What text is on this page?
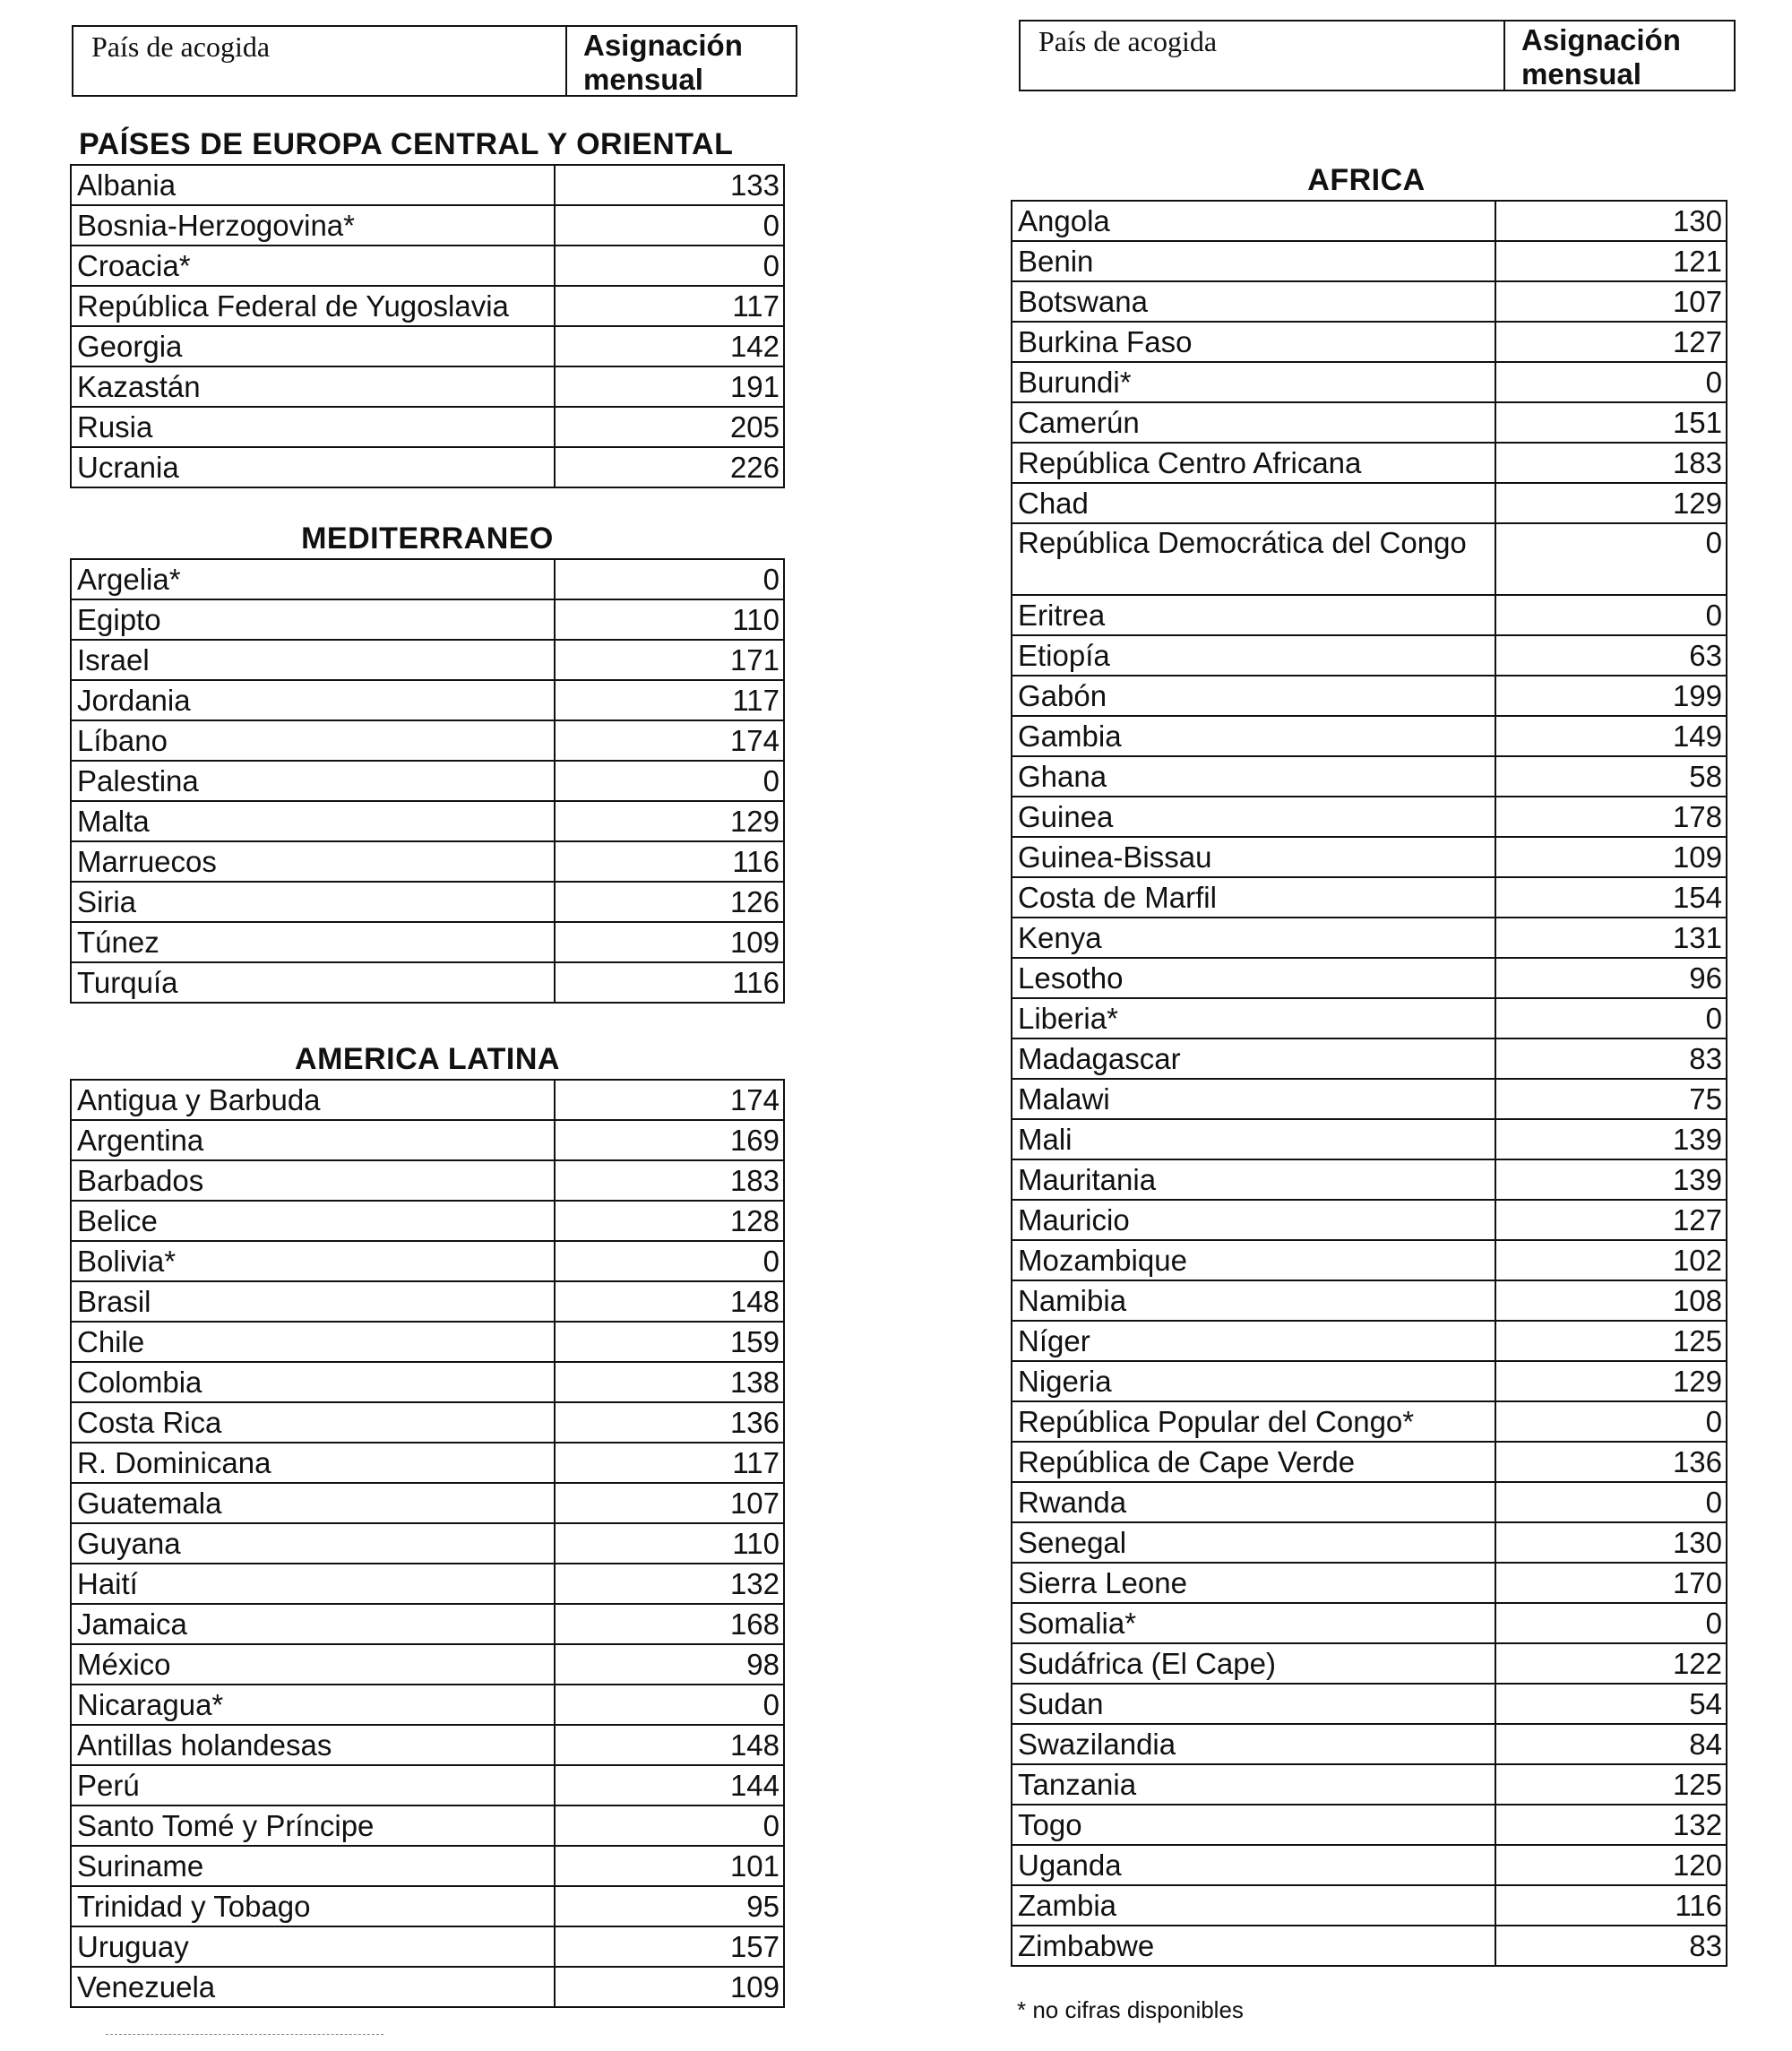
País de acogida	Asignación mensual
PAÍSES DE EUROPA CENTRAL Y ORIENTAL
Albania	133
Bosnia-Herzogovina*	0
Croacia*	0
República Federal de Yugoslavia	117
Georgia	142
Kazastán	191
Rusia	205
Ucrania	226
MEDITERRANEO
Argelia*	0
Egipto	110
Israel	171
Jordania	117
Líbano	174
Palestina	0
Malta	129
Marruecos	116
Siria	126
Túnez	109
Turquía	116
AMERICA LATINA
Antigua y Barbuda	174
Argentina	169
Barbados	183
Belice	128
Bolivia*	0
Brasil	148
Chile	159
Colombia	138
Costa Rica	136
R. Dominicana	117
Guatemala	107
Guyana	110
Haití	132
Jamaica	168
México	98
Nicaragua*	0
Antillas holandesas	148
Perú	144
Santo Tomé y Príncipe	0
Suriname	101
Trinidad y Tobago	95
Uruguay	157
Venezuela	109
País de acogida	Asignación mensual
AFRICA
Angola	130
Benin	121
Botswana	107
Burkina Faso	127
Burundi*	0
Camerún	151
República Centro Africana	183
Chad	129
República Democrática del Congo	0
Eritrea	0
Etiopía	63
Gabón	199
Gambia	149
Ghana	58
Guinea	178
Guinea-Bissau	109
Costa de Marfil	154
Kenya	131
Lesotho	96
Liberia*	0
Madagascar	83
Malawi	75
Mali	139
Mauritania	139
Mauricio	127
Mozambique	102
Namibia	108
Níger	125
Nigeria	129
República Popular del Congo*	0
República de Cape Verde	136
Rwanda	0
Senegal	130
Sierra Leone	170
Somalia*	0
Sudáfrica (El Cape)	122
Sudan	54
Swazilandia	84
Tanzania	125
Togo	132
Uganda	120
Zambia	116
Zimbabwe	83
* no cifras disponibles
